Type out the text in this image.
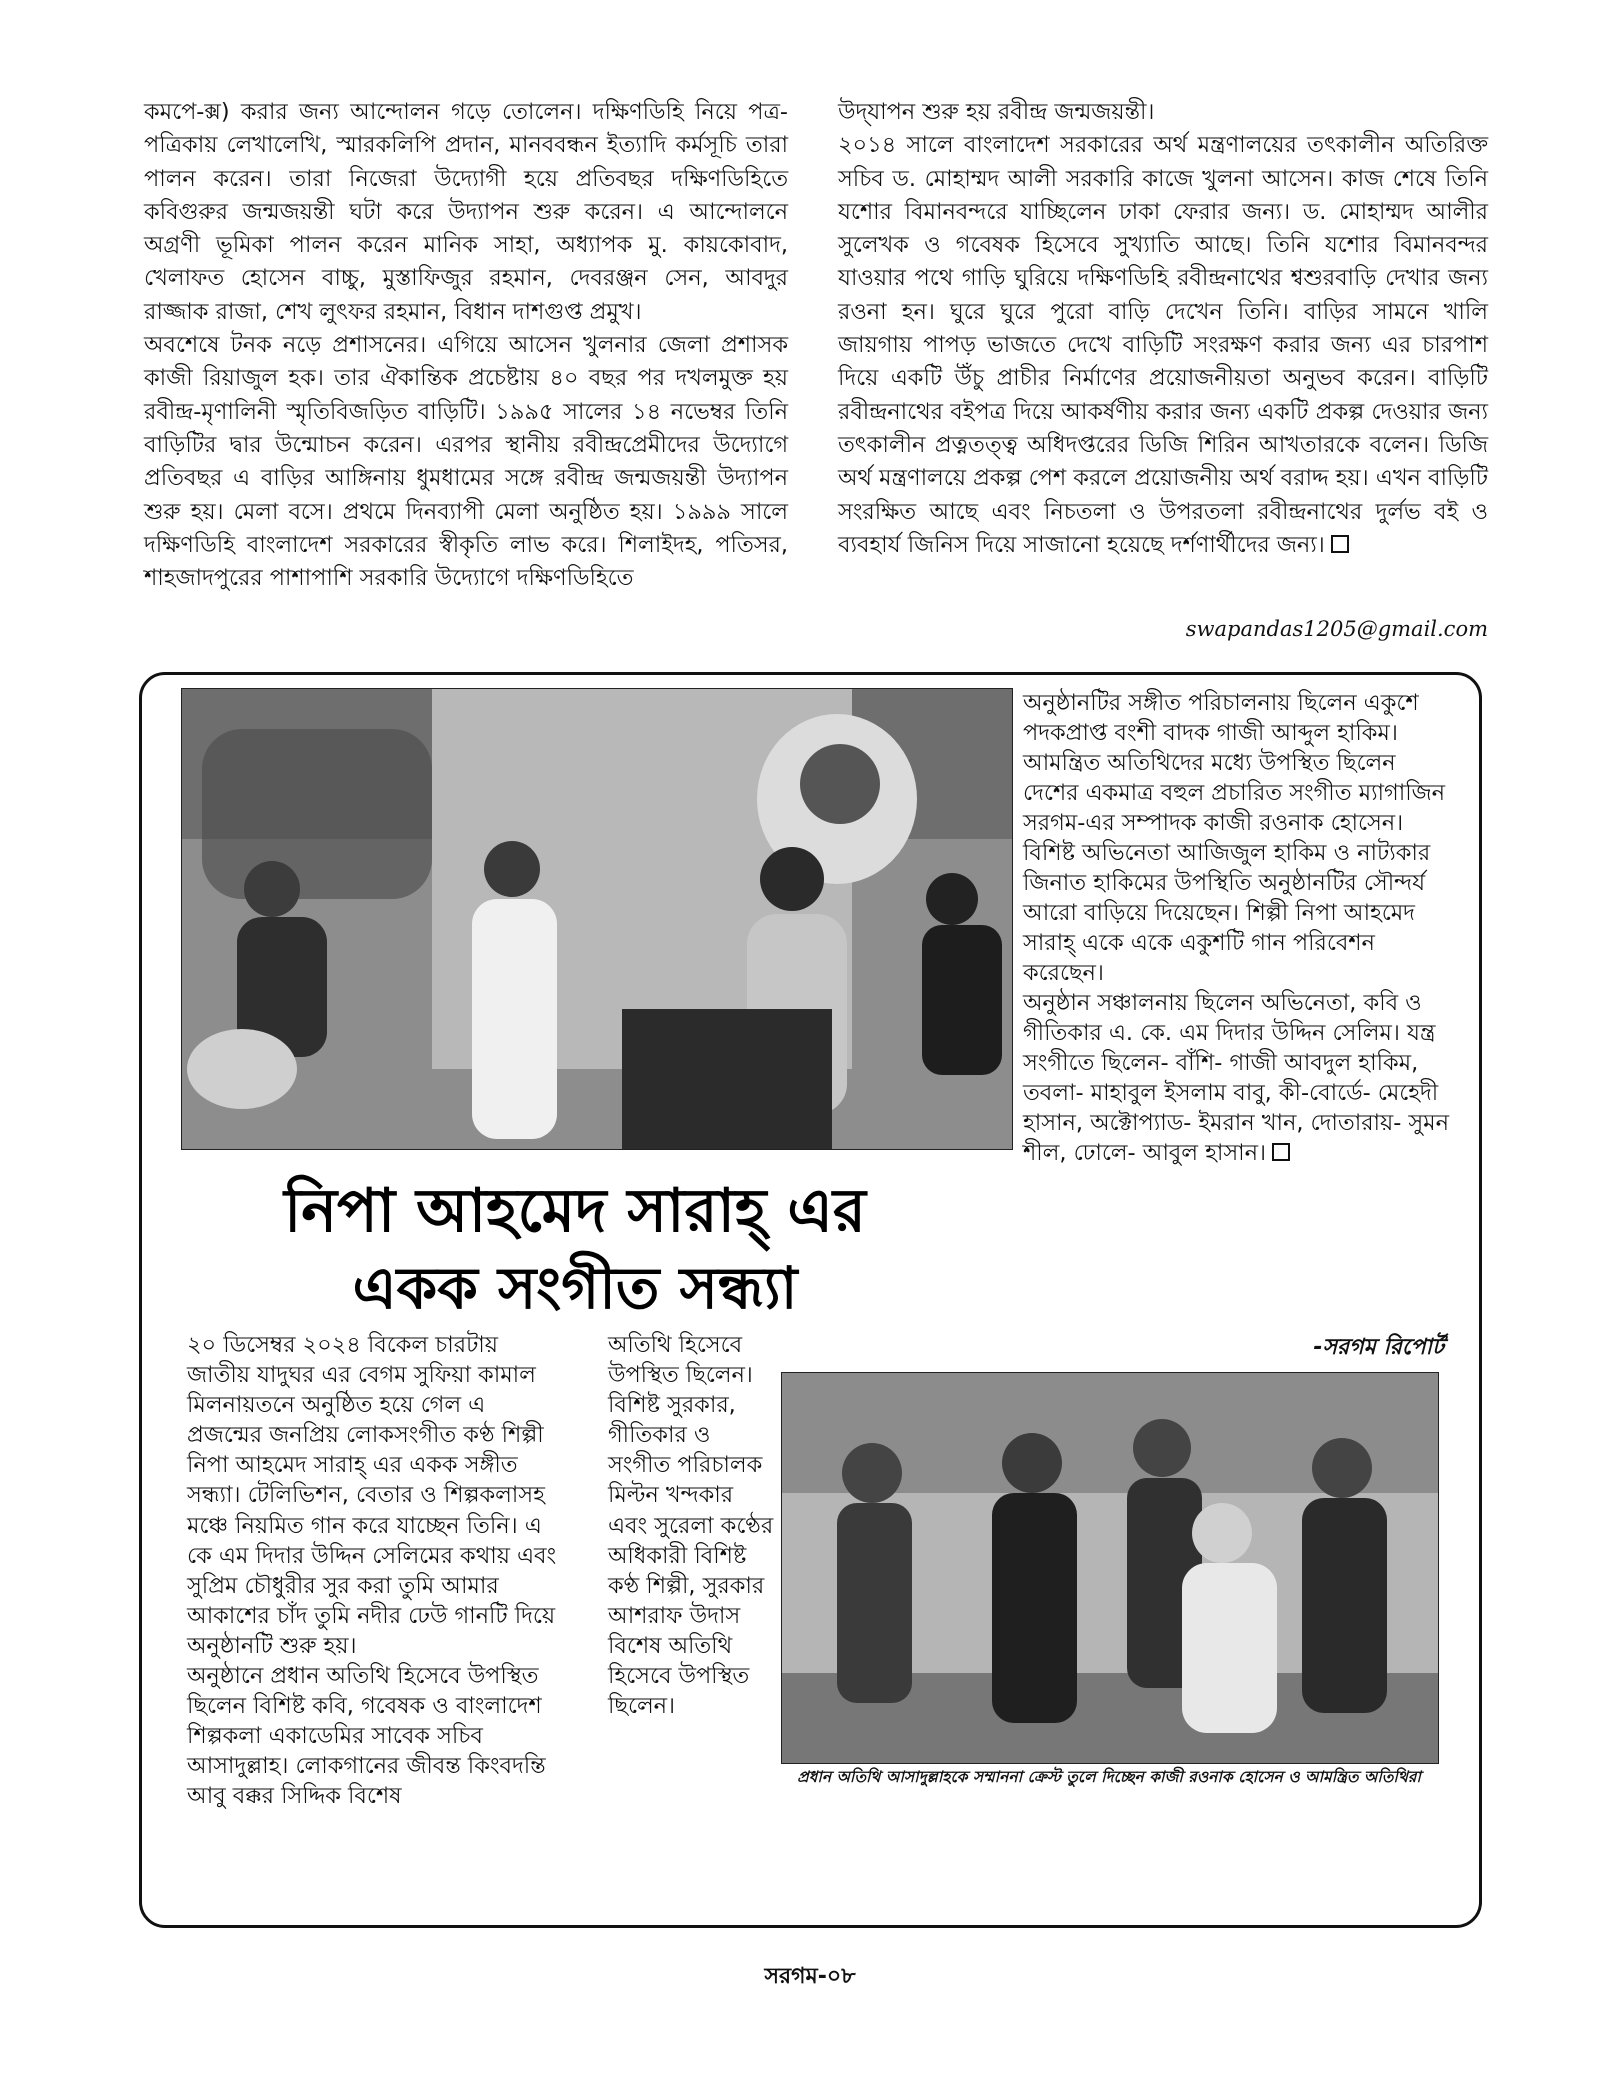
কমপে-ক্স) করার জন্য আন্দোলন গড়ে তোলেন। দক্ষিণডিহি নিয়ে পত্র-পত্রিকায় লেখালেখি, স্মারকলিপি প্রদান, মানববন্ধন ইত্যাদি কর্মসূচি তারা পালন করেন। তারা নিজেরা উদ্যোগী হয়ে প্রতিবছর দক্ষিণডিহিতে কবিগুরুর জন্মজয়ন্তী ঘটা করে উদ্যাপন শুরু করেন। এ আন্দোলনে অগ্রণী ভূমিকা পালন করেন মানিক সাহা, অধ্যাপক মু. কায়কোবাদ, খেলাফত হোসেন বাচ্চু, মুস্তাফিজুর রহমান, দেবরঞ্জন সেন, আবদুর রাজ্জাক রাজা, শেখ লুৎফর রহমান, বিধান দাশগুপ্ত প্রমুখ।

অবশেষে টনক নড়ে প্রশাসনের। এগিয়ে আসেন খুলনার জেলা প্রশাসক কাজী রিয়াজুল হক। তার ঐকান্তিক প্রচেষ্টায় ৪০ বছর পর দখলমুক্ত হয় রবীন্দ্র-মৃণালিনী স্মৃতিবিজড়িত বাড়িটি। ১৯৯৫ সালের ১৪ নভেম্বর তিনি বাড়িটির দ্বার উন্মোচন করেন। এরপর স্থানীয় রবীন্দ্রপ্রেমীদের উদ্যোগে প্রতিবছর এ বাড়ির আঙ্গিনায় ধুমধামের সঙ্গে রবীন্দ্র জন্মজয়ন্তী উদ্যাপন শুরু হয়। মেলা বসে। প্রথমে দিনব্যাপী মেলা অনুষ্ঠিত হয়। ১৯৯৯ সালে দক্ষিণডিহি বাংলাদেশ সরকারের স্বীকৃতি লাভ করে। শিলাইদহ, পতিসর, শাহজাদপুরের পাশাপাশি সরকারি উদ্যোগে দক্ষিণডিহিতে

উদ্‌যাপন শুরু হয় রবীন্দ্র জন্মজয়ন্তী।

২০১৪ সালে বাংলাদেশ সরকারের অর্থ মন্ত্রণালয়ের তৎকালীন অতিরিক্ত সচিব ড. মোহাম্মদ আলী সরকারি কাজে খুলনা আসেন। কাজ শেষে তিনি যশোর বিমানবন্দরে যাচ্ছিলেন ঢাকা ফেরার জন্য। ড. মোহাম্মদ আলীর সুলেখক ও গবেষক হিসেবে সুখ্যাতি আছে। তিনি যশোর বিমানবন্দর যাওয়ার পথে গাড়ি ঘুরিয়ে দক্ষিণডিহি রবীন্দ্রনাথের শ্বশুরবাড়ি দেখার জন্য রওনা হন। ঘুরে ঘুরে পুরো বাড়ি দেখেন তিনি। বাড়ির সামনে খালি জায়গায় পাপড় ভাজতে দেখে বাড়িটি সংরক্ষণ করার জন্য এর চারপাশ দিয়ে একটি উঁচু প্রাচীর নির্মাণের প্রয়োজনীয়তা অনুভব করেন। বাড়িটি রবীন্দ্রনাথের বইপত্র দিয়ে আকর্ষণীয় করার জন্য একটি প্রকল্প দেওয়ার জন্য তৎকালীন প্রত্নতত্ত্ব অধিদপ্তরের ডিজি শিরিন আখতারকে বলেন। ডিজি অর্থ মন্ত্রণালয়ে প্রকল্প পেশ করলে প্রয়োজনীয় অর্থ বরাদ্দ হয়। এখন বাড়িটি সংরক্ষিত আছে এবং নিচতলা ও উপরতলা রবীন্দ্রনাথের দুর্লভ বই ও ব্যবহার্য জিনিস দিয়ে সাজানো হয়েছে দর্শণার্থীদের জন্য।

swapandas1205@gmail.com
নিপা আহমেদ সারাহ্‌ এর
একক সংগীত সন্ধ্যা

অনুষ্ঠানটির সঙ্গীত পরিচালনায় ছিলেন একুশে পদকপ্রাপ্ত বংশী বাদক গাজী আব্দুল হাকিম। আমন্ত্রিত অতিথিদের মধ্যে উপস্থিত ছিলেন দেশের একমাত্র বহুল প্রচারিত সংগীত ম্যাগাজিন সরগম-এর সম্পাদক কাজী রওনাক হোসেন। বিশিষ্ট অভিনেতা আজিজুল হাকিম ও নাট্যকার জিনাত হাকিমের উপস্থিতি অনুষ্ঠানটির সৌন্দর্য আরো বাড়িয়ে দিয়েছেন। শিল্পী নিপা আহমেদ সারাহ্‌ একে একে একুশটি গান পরিবেশন করেছেন।

অনুষ্ঠান সঞ্চালনায় ছিলেন অভিনেতা, কবি ও গীতিকার এ. কে. এম দিদার উদ্দিন সেলিম। যন্ত্র সংগীতে ছিলেন- বাঁশি- গাজী আবদুল হাকিম, তবলা- মাহাবুল ইসলাম বাবু, কী-বোর্ডে- মেহেদী হাসান, অক্টোপ্যাড- ইমরান খান, দোতারায়- সুমন শীল, ঢোলে- আবুল হাসান।

-সরগম রিপোর্ট

২০ ডিসেম্বর ২০২৪ বিকেল চারটায় জাতীয় যাদুঘর এর বেগম সুফিয়া কামাল মিলনায়তনে অনুষ্ঠিত হয়ে গেল এ প্রজন্মের জনপ্রিয় লোকসংগীত কণ্ঠ শিল্পী নিপা আহমেদ সারাহ্‌ এর একক সঙ্গীত সন্ধ্যা। টেলিভিশন, বেতার ও শিল্পকলাসহ মঞ্চে নিয়মিত গান করে যাচ্ছেন তিনি। এ কে এম দিদার উদ্দিন সেলিমের কথায় এবং সুপ্রিম চৌধুরীর সুর করা তুমি আমার আকাশের চাঁদ তুমি নদীর ঢেউ গানটি দিয়ে অনুষ্ঠানটি শুরু হয়।

অনুষ্ঠানে প্রধান অতিথি হিসেবে উপস্থিত ছিলেন বিশিষ্ট কবি, গবেষক ও বাংলাদেশ শিল্পকলা একাডেমির সাবেক সচিব আসাদুল্লাহ। লোকগানের জীবন্ত কিংবদন্তি আবু বক্কর সিদ্দিক বিশেষ

অতিথি হিসেবে উপস্থিত ছিলেন। বিশিষ্ট সুরকার, গীতিকার ও সংগীত পরিচালক মিল্টন খন্দকার এবং সুরেলা কণ্ঠের অধিকারী বিশিষ্ট কণ্ঠ শিল্পী, সুরকার আশরাফ উদাস বিশেষ অতিথি হিসেবে উপস্থিত ছিলেন।

প্রধান অতিথি আসাদুল্লাহকে সম্মাননা ক্রেস্ট তুলে দিচ্ছেন কাজী রওনাক হোসেন ও আমন্ত্রিত অতিথিরা
সরগম-০৮
